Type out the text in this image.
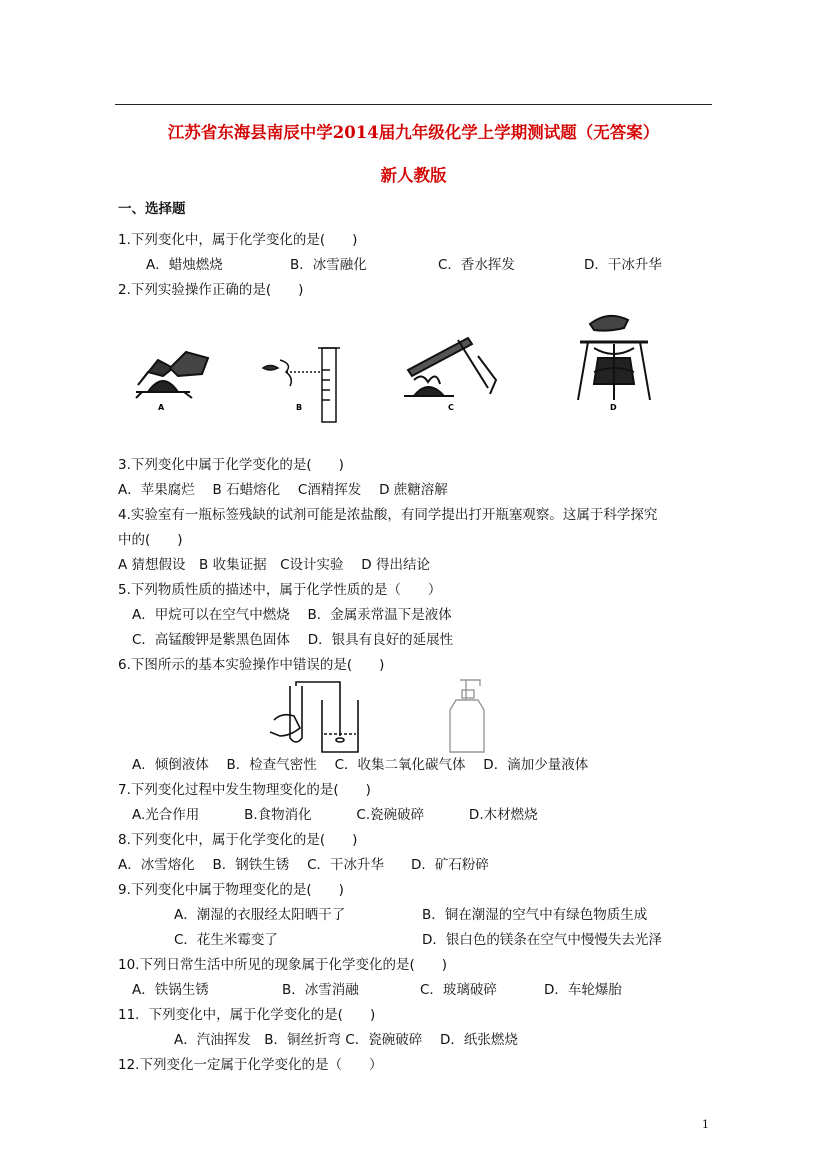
江苏省东海县南辰中学2014届九年级化学上学期测试题（无答案）
新人教版
一、选择题
1.下列变化中，属于化学变化的是(　　)
A．蜡烛燃烧	B．冰雪融化	C．香水挥发	D．干冰升华
2.下列实验操作正确的是(　　)
A	B	C	D
3.下列变化中属于化学变化的是(　　)
A．苹果腐烂　 B 石蜡熔化　 C酒精挥发　 D 蔗糖溶解
4.实验室有一瓶标签残缺的试剂可能是浓盐酸，有同学提出打开瓶塞观察。这属于科学探究
中的(　　)
A 猜想假设　B 收集证据　C设计实验　 D 得出结论
5.下列物质性质的描述中，属于化学性质的是（　　）
A．甲烷可以在空气中燃烧　 B．金属汞常温下是液体
C．高锰酸钾是紫黑色固体　 D．银具有良好的延展性
6.下图所示的基本实验操作中错误的是(　　)
A．倾倒液体　 B．检查气密性　 C．收集二氧化碳气体　 D．滴加少量液体
7.下列变化过程中发生物理变化的是(　　)
A.光合作用　　　 B.食物消化　　　 C.瓷碗破碎　　　 D.木材燃烧
8.下列变化中，属于化学变化的是(　　)
A．冰雪熔化　 B．钢铁生锈　 C．干冰升华　　D．矿石粉碎
9.下列变化中属于物理变化的是(　　)
A．潮湿的衣服经太阳晒干了	B．铜在潮湿的空气中有绿色物质生成
C．花生米霉变了	D．银白色的镁条在空气中慢慢失去光泽
10.下列日常生活中所见的现象属于化学变化的是(　　)
A．铁锅生锈	B．冰雪消融	C．玻璃破碎	D．车轮爆胎
11．下列变化中，属于化学变化的是(　　)
12.下列变化一定属于化学变化的是（　　）
1
A．汽油挥发　B．铜丝折弯 C．瓷碗破碎　 D．纸张燃烧
